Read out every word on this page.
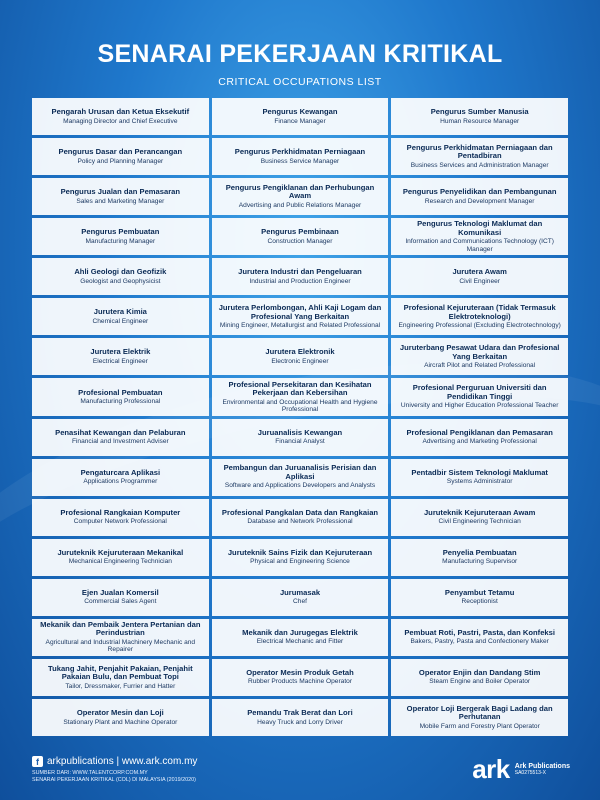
SENARAI PEKERJAAN KRITIKAL
CRITICAL OCCUPATIONS LIST
Pengarah Urusan dan Ketua Eksekutif
Managing Director and Chief Executive
Pengurus Kewangan
Finance Manager
Pengurus Sumber Manusia
Human Resource Manager
Pengurus Dasar dan Perancangan
Policy and Planning Manager
Pengurus Perkhidmatan Perniagaan
Business Service Manager
Pengurus Perkhidmatan Perniagaan dan Pentadbiran
Business Services and Administration Manager
Pengurus Jualan dan Pemasaran
Sales and Marketing Manager
Pengurus Pengiklanan dan Perhubungan Awam
Advertising and Public Relations Manager
Pengurus Penyelidikan dan Pembangunan
Research and Development Manager
Pengurus Pembuatan
Manufacturing Manager
Pengurus Pembinaan
Construction Manager
Pengurus Teknologi Maklumat dan Komunikasi
Information and Communications Technology (ICT) Manager
Ahli Geologi dan Geofizik
Geologist and Geophysicist
Jurutera Industri dan Pengeluaran
Industrial and Production Engineer
Jurutera Awam
Civil Engineer
Jurutera Kimia
Chemical Engineer
Jurutera Perlombongan, Ahli Kaji Logam dan Profesional Yang Berkaitan
Mining Engineer, Metallurgist and Related Professional
Profesional Kejuruteraan (Tidak Termasuk Elektroteknologi)
Engineering Professional (Excluding Electrotechnology)
Jurutera Elektrik
Electrical Engineer
Jurutera Elektronik
Electronic Engineer
Juruterbang Pesawat Udara dan Profesional Yang Berkaitan
Aircraft Pilot and Related Professional
Profesional Pembuatan
Manufacturing Professional
Profesional Persekitaran dan Kesihatan Pekerjaan dan Kebersihan
Environmental and Occupational Health and Hygiene Professional
Profesional Perguruan Universiti dan Pendidikan Tinggi
University and Higher Education Professional Teacher
Penasihat Kewangan dan Pelaburan
Financial and Investment Adviser
Juruanalisis Kewangan
Financial Analyst
Profesional Pengiklanan dan Pemasaran
Advertising and Marketing Professional
Pengaturcara Aplikasi
Applications Programmer
Pembangun dan Juruanalisis Perisian dan Aplikasi
Software and Applications Developers and Analysts
Pentadbir Sistem Teknologi Maklumat
Systems Administrator
Profesional Rangkaian Komputer
Computer Network Professional
Profesional Pangkalan Data dan Rangkaian
Database and Network Professional
Juruteknik Kejuruteraan Awam
Civil Engineering Technician
Juruteknik Kejuruteraan Mekanikal
Mechanical Engineering Technician
Juruteknik Sains Fizik dan Kejuruteraan
Physical and Engineering Science
Penyelia Pembuatan
Manufacturing Supervisor
Ejen Jualan Komersil
Commercial Sales Agent
Jurumasak
Chef
Penyambut Tetamu
Receptionist
Mekanik dan Pembaik Jentera Pertanian dan Perindustrian
Agricultural and Industrial Machinery Mechanic and Repairer
Mekanik dan Jurugegas Elektrik
Electrical Mechanic and Fitter
Pembuat Roti, Pastri, Pasta, dan Konfeksi
Bakers, Pastry, Pasta and Confectionery Maker
Tukang Jahit, Penjahit Pakaian, Penjahit Pakaian Bulu, dan Pembuat Topi
Tailor, Dressmaker, Furrier and Hatter
Operator Mesin Produk Getah
Rubber Products Machine Operator
Operator Enjin dan Dandang Stim
Steam Engine and Boiler Operator
Operator Mesin dan Loji
Stationary Plant and Machine Operator
Pemandu Trak Berat dan Lori
Heavy Truck and Lorry Driver
Operator Loji Bergerak Bagi Ladang dan Perhutanan
Mobile Farm and Forestry Plant Operator
f arkpublications | www.ark.com.my
SUMBER DARI: WWW.TALENTCORP.COM.MY
SENARAI PEKERJAAN KRITIKAL (COL) DI MALAYSIA (2019/2020)	ark Ark Publications
SA0275513-X
